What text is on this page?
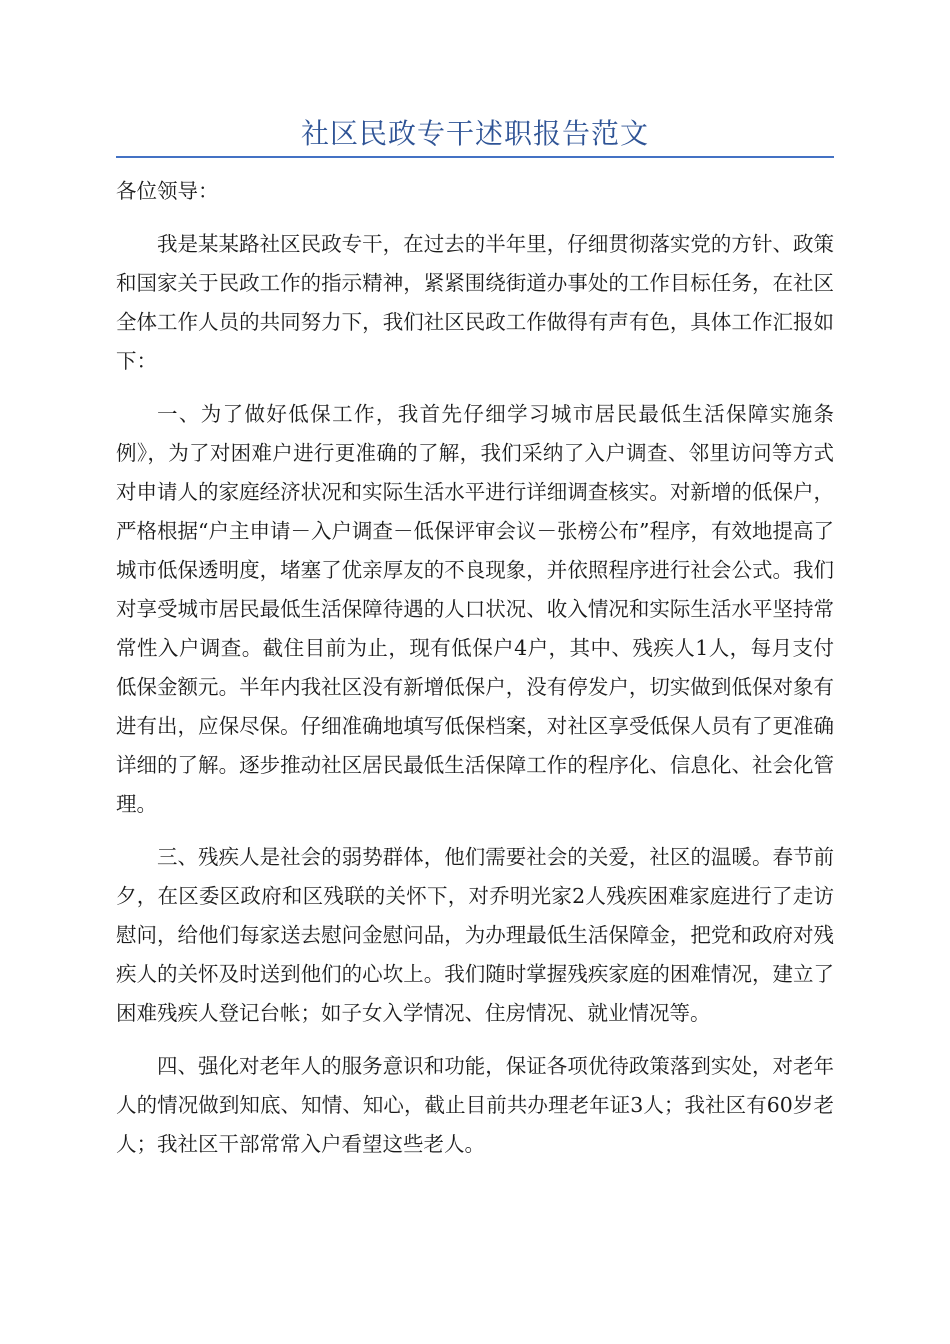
社区民政专干述职报告范文

各位领导：

我是某某路社区民政专干，在过去的半年里，仔细贯彻落实党的方针、政策和国家关于民政工作的指示精神，紧紧围绕街道办事处的工作目标任务，在社区全体工作人员的共同努力下，我们社区民政工作做得有声有色，具体工作汇报如下：

一、为了做好低保工作，我首先仔细学习城市居民最低生活保障实施条例》，为了对困难户进行更准确的了解，我们采纳了入户调查、邻里访问等方式对申请人的家庭经济状况和实际生活水平进行详细调查核实。对新增的低保户，严格根据“户主申请－入户调查－低保评审会议－张榜公布”程序，有效地提高了城市低保透明度，堵塞了优亲厚友的不良现象，并依照程序进行社会公式。我们对享受城市居民最低生活保障待遇的人口状况、收入情况和实际生活水平坚持常常性入户调查。截住目前为止，现有低保户4户，其中、残疾人1人，每月支付低保金额元。半年内我社区没有新增低保户，没有停发户，切实做到低保对象有进有出，应保尽保。仔细准确地填写低保档案，对社区享受低保人员有了更准确详细的了解。逐步推动社区居民最低生活保障工作的程序化、信息化、社会化管理。

三、残疾人是社会的弱势群体，他们需要社会的关爱，社区的温暖。春节前夕，在区委区政府和区残联的关怀下，对乔明光家2人残疾困难家庭进行了走访慰问，给他们每家送去慰问金慰问品，为办理最低生活保障金，把党和政府对残疾人的关怀及时送到他们的心坎上。我们随时掌握残疾家庭的困难情况，建立了困难残疾人登记台帐；如子女入学情况、住房情况、就业情况等。

四、强化对老年人的服务意识和功能，保证各项优待政策落到实处，对老年人的情况做到知底、知情、知心，截止目前共办理老年证3人；我社区有60岁老人；我社区干部常常入户看望这些老人。
